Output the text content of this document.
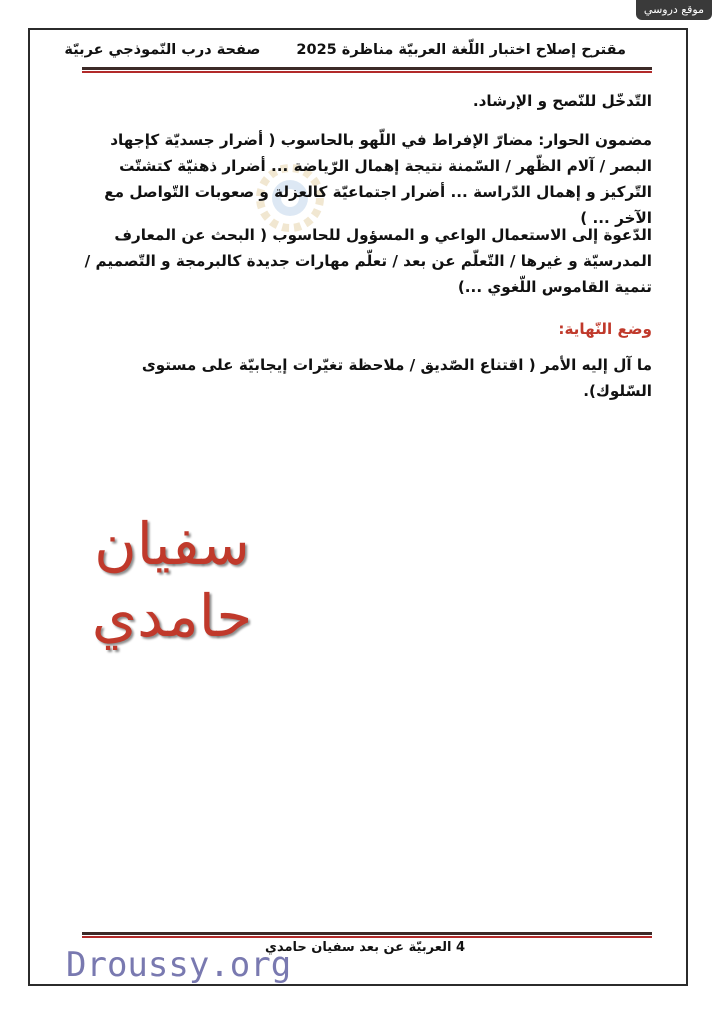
موقع دروسي
مقترح إصلاح اختبار اللّغة العربيّة مناظرة 2025صفحة درب النّموذجي عربيّة
التّدخّل للنّصح و الإرشاد.
مضمون الحوار: مضارّ الإفراط في اللّهو بالحاسوب ( أضرار جسديّة كإجهاد البصر / آلام الظّهر / السّمنة نتيجة إهمال الرّياضة ... أضرار ذهنيّة كتشتّت التّركيز و إهمال الدّراسة ... أضرار اجتماعيّة كالعزلة و صعوبات التّواصل مع الآخر ... )
الدّعوة إلى الاستعمال الواعي و المسؤول للحاسوب ( البحث عن المعارف المدرسيّة و غيرها / التّعلّم عن بعد / تعلّم مهارات جديدة كالبرمجة و التّصميم / تنمية القاموس اللّغوي ...)
وضع النّهاية:
ما آل إليه الأمر ( اقتناع الصّديق / ملاحظة تغيّرات إيجابيّة على مستوى السّلوك).
سفيان
حامدي
4 العربيّة عن بعد سفيان حامدي
Droussy.org
